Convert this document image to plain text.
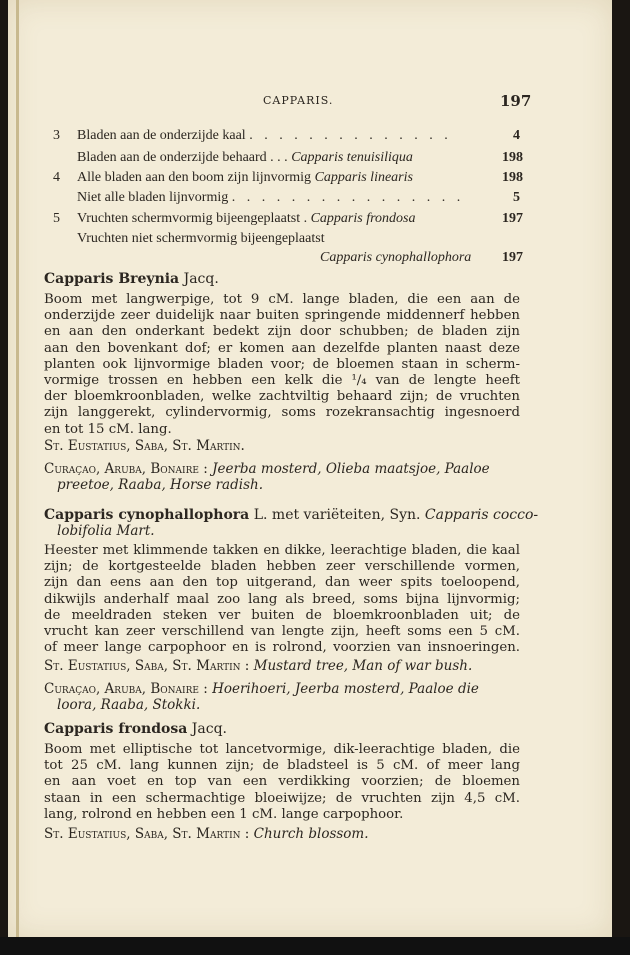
CAPPARIS.	197
3 Bladen aan de onderzijde kaal . . . . . . . . . . . . . .	4
Bladen aan de onderzijde behaard . . . Capparis tenuisiliqua	198
4 Alle bladen aan den boom zijn lijnvormig Capparis linearis	198
Niet alle bladen lijnvormig . . . . . . . . . . . . . . . .	5
5 Vruchten schermvormig bijeengeplaatst . Capparis frondosa	197
Vruchten niet schermvormig bijeengeplaatst
Capparis cynophallophora 197
Capparis Breynia Jacq.
Boom met langwerpige, tot 9 cM. lange bladen, die een aan de
onderzijde zeer duidelijk naar buiten springende middennerf hebben
en aan den onderkant bedekt zijn door schubben; de bladen zijn
aan den bovenkant dof; er komen aan dezelfde planten naast deze
planten ook lijnvormige bladen voor; de bloemen staan in scherm-
vormige trossen en hebben een kelk die ¹/₄ van de lengte heeft
der bloemkroonbladen, welke zachtviltig behaard zijn; de vruchten
zijn langgerekt, cylindervormig, soms rozekransachtig ingesnoerd
en tot 15 cM. lang.
St. Eustatius, Saba, St. Martin.
Curaçao, Aruba, Bonaire : Jeerba mosterd, Olieba maatsjoe, Paaloe
preetoe, Raaba, Horse radish.
Capparis cynophallophora L. met variëteiten, Syn. Capparis cocco-
lobifolia Mart.
Heester met klimmende takken en dikke, leerachtige bladen, die kaal
zijn; de kortgesteelde bladen hebben zeer verschillende vormen,
zijn dan eens aan den top uitgerand, dan weer spits toeloopend,
dikwijls anderhalf maal zoo lang als breed, soms bijna lijnvormig;
de meeldraden steken ver buiten de bloemkroonbladen uit; de
vrucht kan zeer verschillend van lengte zijn, heeft soms een 5 cM.
of meer lange carpophoor en is rolrond, voorzien van insnoeringen.
St. Eustatius, Saba, St. Martin : Mustard tree, Man of war bush.
Curaçao, Aruba, Bonaire : Hoerihoeri, Jeerba mosterd, Paaloe die
loora, Raaba, Stokki.
Capparis frondosa Jacq.
Boom met elliptische tot lancetvormige, dik-leerachtige bladen, die
tot 25 cM. lang kunnen zijn; de bladsteel is 5 cM. of meer lang
en aan voet en top van een verdikking voorzien; de bloemen
staan in een schermachtige bloeiwijze; de vruchten zijn 4,5 cM.
lang, rolrond en hebben een 1 cM. lange carpophoor.
St. Eustatius, Saba, St. Martin : Church blossom.
